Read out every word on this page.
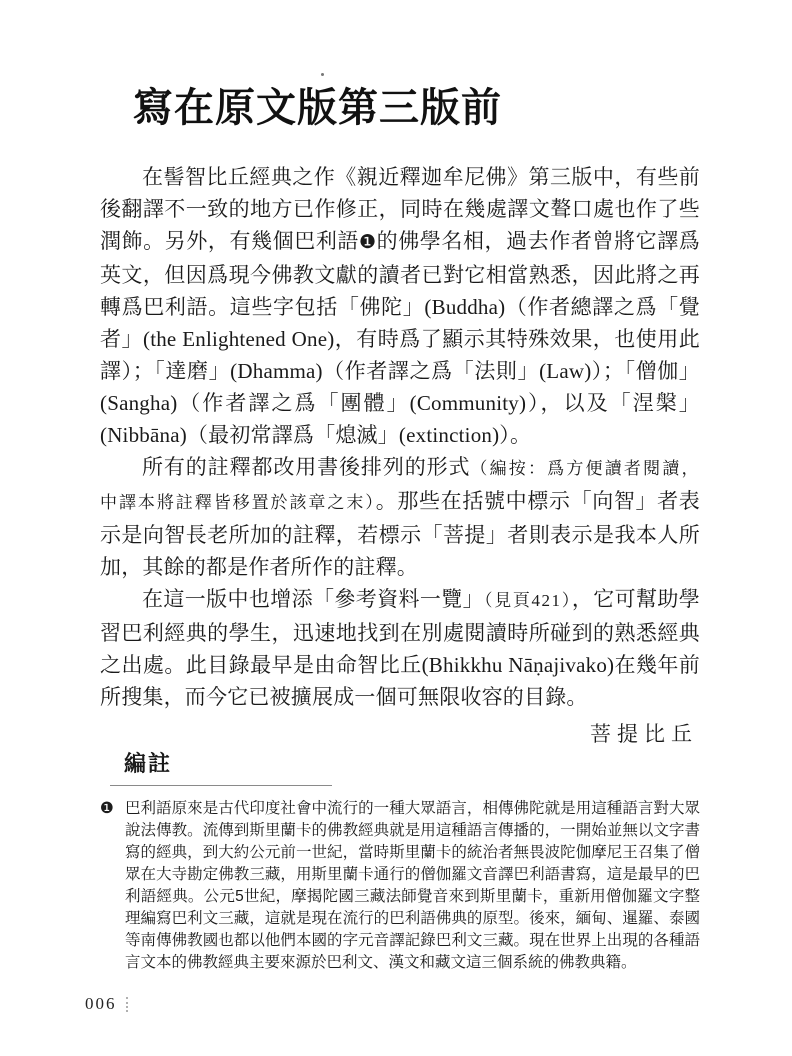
寫在原文版第三版前

在髻智比丘經典之作《親近釋迦牟尼佛》第三版中，有些前後翻譯不一致的地方已作修正，同時在幾處譯文聱口處也作了些潤飾。另外，有幾個巴利語❶的佛學名相，過去作者曾將它譯爲英文，但因爲現今佛教文獻的讀者已對它相當熟悉，因此將之再轉爲巴利語。這些字包括「佛陀」(Buddha)（作者總譯之爲「覺者」(the Enlightened One)，有時爲了顯示其特殊效果，也使用此譯）；「達磨」(Dhamma)（作者譯之爲「法則」(Law)）；「僧伽」(Sangha)（作者譯之爲「團體」(Community)），以及「涅槃」(Nibbāna)（最初常譯爲「熄滅」(extinction)）。

所有的註釋都改用書後排列的形式（編按：爲方便讀者閱讀，中譯本將註釋皆移置於該章之末）。那些在括號中標示「向智」者表示是向智長老所加的註釋，若標示「菩提」者則表示是我本人所加，其餘的都是作者所作的註釋。

在這一版中也增添「參考資料一覽」（見頁421），它可幫助學習巴利經典的學生，迅速地找到在別處閱讀時所碰到的熟悉經典之出處。此目錄最早是由命智比丘(Bhikkhu Nāṇajivako)在幾年前所搜集，而今它已被擴展成一個可無限收容的目錄。

菩提比丘
編註
❶ 巴利語原來是古代印度社會中流行的一種大眾語言，相傳佛陀就是用這種語言對大眾說法傳教。流傳到斯里蘭卡的佛教經典就是用這種語言傳播的，一開始並無以文字書寫的經典，到大約公元前一世紀，當時斯里蘭卡的統治者無畏波陀伽摩尼王召集了僧眾在大寺勘定佛教三藏，用斯里蘭卡通行的僧伽羅文音譯巴利語書寫，這是最早的巴利語經典。公元5世紀，摩揭陀國三藏法師覺音來到斯里蘭卡，重新用僧伽羅文字整理編寫巴利文三藏，這就是現在流行的巴利語佛典的原型。後來，緬甸、暹羅、泰國等南傳佛教國也都以他們本國的字元音譯記錄巴利文三藏。現在世界上出現的各種語言文本的佛教經典主要來源於巴利文、漢文和藏文這三個系統的佛教典籍。
006
